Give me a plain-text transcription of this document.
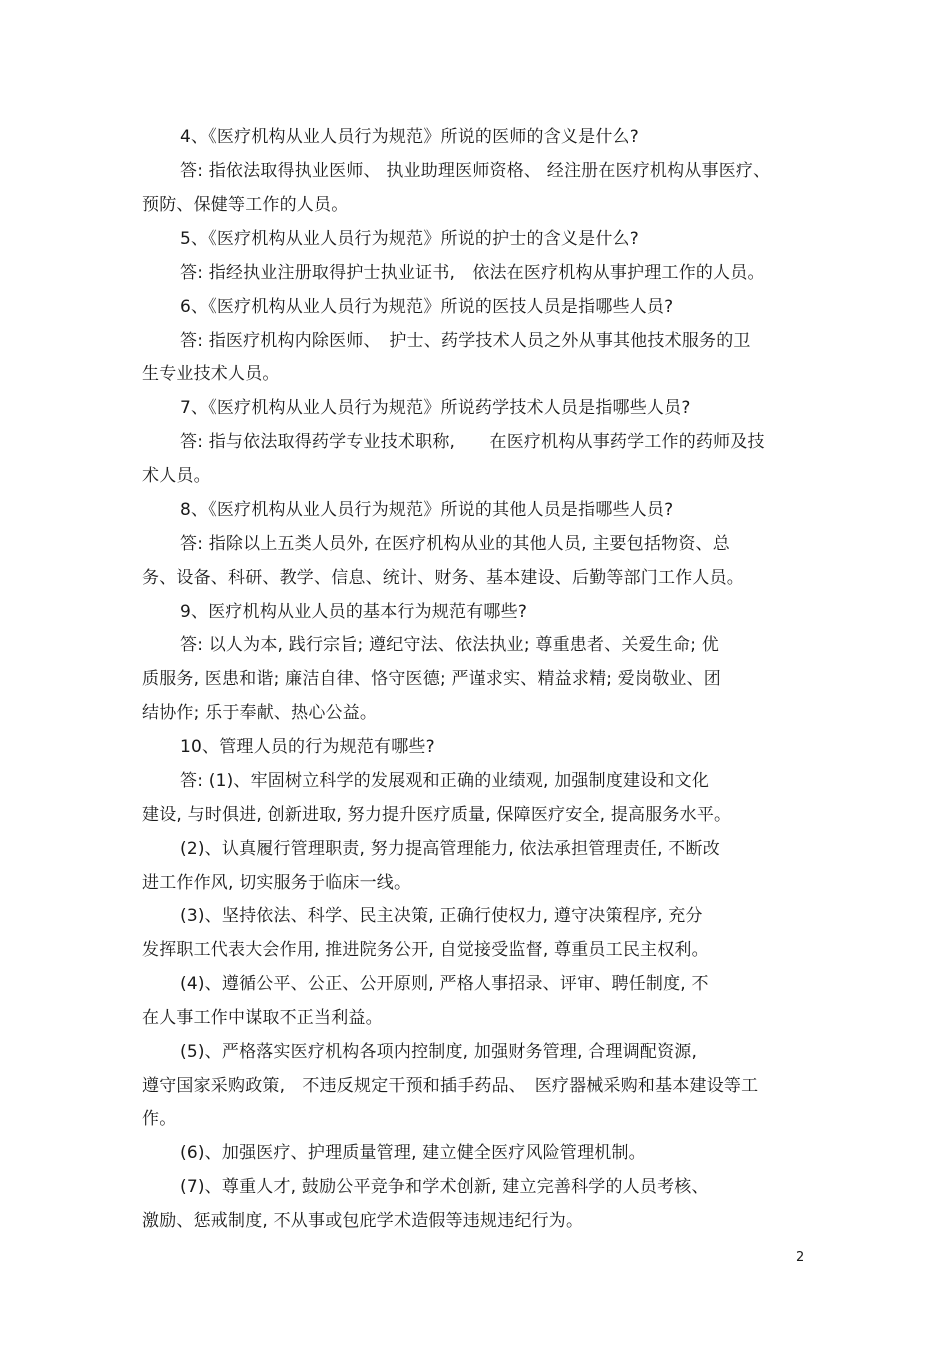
4、《医疗机构从业人员行为规范》所说的医师的含义是什么?
答: 指依法取得执业医师、 执业助理医师资格、 经注册在医疗机构从事医疗、
预防、保健等工作的人员。
5、《医疗机构从业人员行为规范》所说的护士的含义是什么?
答: 指经执业注册取得护士执业证书,　依法在医疗机构从事护理工作的人员。
6、《医疗机构从业人员行为规范》所说的医技人员是指哪些人员?
答: 指医疗机构内除医师、　护士、药学技术人员之外从事其他技术服务的卫
生专业技术人员。
7、《医疗机构从业人员行为规范》所说药学技术人员是指哪些人员?
答: 指与依法取得药学专业技术职称,　　在医疗机构从事药学工作的药师及技
术人员。
8、《医疗机构从业人员行为规范》所说的其他人员是指哪些人员?
答: 指除以上五类人员外, 在医疗机构从业的其他人员, 主要包括物资、总
务、设备、科研、教学、信息、统计、财务、基本建设、后勤等部门工作人员。
9、医疗机构从业人员的基本行为规范有哪些?
答: 以人为本, 践行宗旨; 遵纪守法、依法执业; 尊重患者、关爱生命; 优
质服务, 医患和谐; 廉洁自律、恪守医德; 严谨求实、精益求精; 爱岗敬业、团
结协作; 乐于奉献、热心公益。
10、管理人员的行为规范有哪些?
答: (1)、牢固树立科学的发展观和正确的业绩观, 加强制度建设和文化
建设, 与时俱进, 创新进取, 努力提升医疗质量, 保障医疗安全, 提高服务水平。
(2)、认真履行管理职责, 努力提高管理能力, 依法承担管理责任, 不断改
进工作作风, 切实服务于临床一线。
(3)、坚持依法、科学、民主决策, 正确行使权力, 遵守决策程序, 充分
发挥职工代表大会作用, 推进院务公开, 自觉接受监督, 尊重员工民主权利。
(4)、遵循公平、公正、公开原则, 严格人事招录、评审、聘任制度, 不
在人事工作中谋取不正当利益。
(5)、严格落实医疗机构各项内控制度, 加强财务管理, 合理调配资源,
遵守国家采购政策,　不违反规定干预和插手药品、　医疗器械采购和基本建设等工
作。
(6)、加强医疗、护理质量管理, 建立健全医疗风险管理机制。
(7)、尊重人才, 鼓励公平竞争和学术创新, 建立完善科学的人员考核、
激励、惩戒制度, 不从事或包庇学术造假等违规违纪行为。
2
